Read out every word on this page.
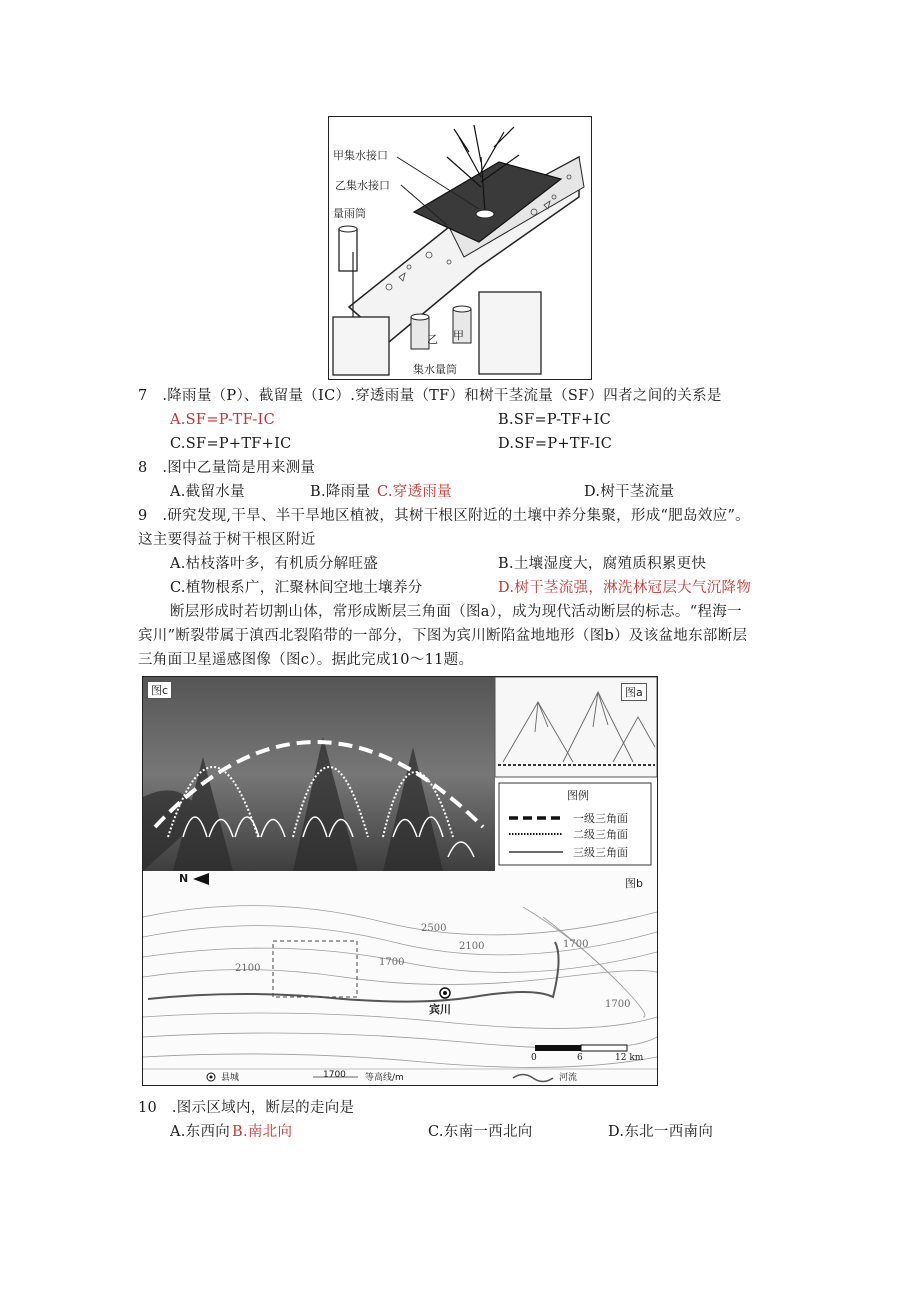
甲集水接口
乙集水接口
量雨筒
乙 甲
集水量筒
7　.降雨量（P）、截留量（IC）.穿透雨量（TF）和树干茎流量（SF）四者之间的关系是
A.SF=P-TF-IC	B.SF=P-TF+IC
C.SF=P+TF+IC	D.SF=P+TF-IC
8　.图中乙量筒是用来测量
A.截留水量	B.降雨量 C.穿透雨量	D.树干茎流量
9　.研究发现,干旱、半干旱地区植被，其树干根区附近的土壤中养分集聚，形成“肥岛效应”。
这主要得益于树干根区附近
A.枯枝落叶多，有机质分解旺盛	B.土壤湿度大，腐殖质积累更快
C.植物根系广，汇聚林间空地土壤养分	D.树干茎流强，淋洗林冠层大气沉降物
断层形成时若切割山体，常形成断层三角面（图a），成为现代活动断层的标志。“程海一
宾川”断裂带属于滇西北裂陷带的一部分，下图为宾川断陷盆地地形（图b）及该盆地东部断层
三角面卫星遥感图像（图c）。据此完成10～11题。
图c	图a
图例
一级三角面
二级三角面
三级三角面
图b
N
2500
2100	1700
2100
1700
1700
宾川
0	6	12 km
县城	1700 等高线/m	河流
10　.图示区域内，断层的走向是
A.东西向 B.南北向	C.东南一西北向	D.东北一西南向
